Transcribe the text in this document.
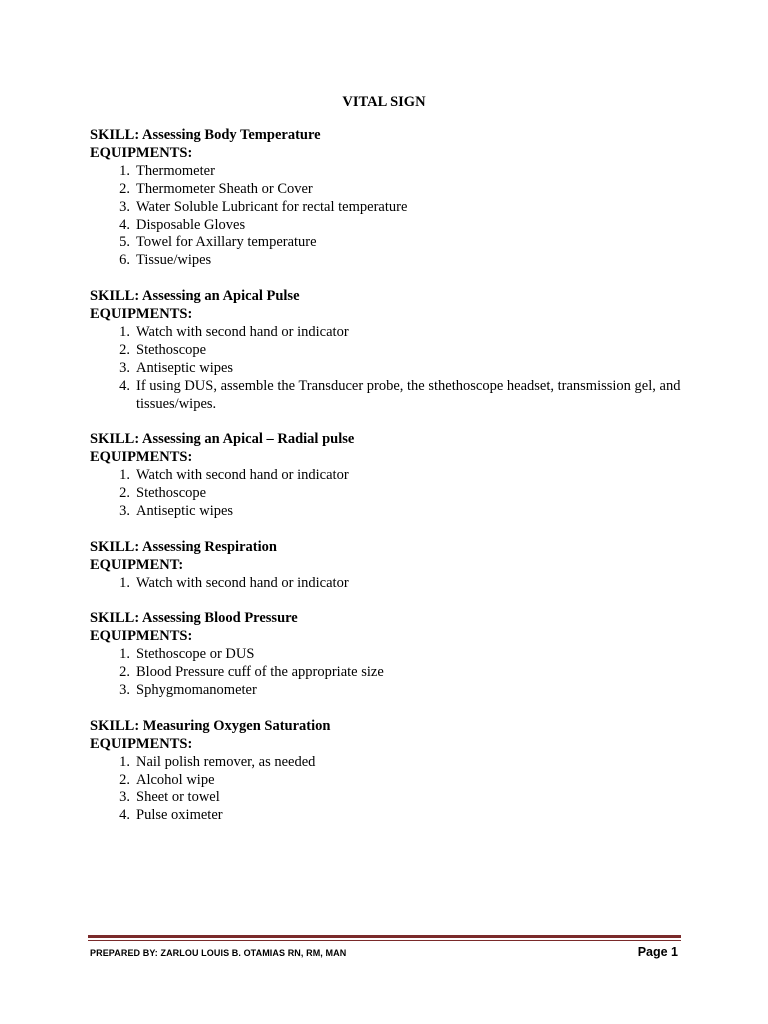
VITAL SIGN
SKILL: Assessing Body Temperature
EQUIPMENTS:
1. Thermometer
2. Thermometer Sheath or Cover
3. Water Soluble Lubricant for rectal temperature
4. Disposable Gloves
5. Towel for Axillary temperature
6. Tissue/wipes
SKILL: Assessing an Apical Pulse
EQUIPMENTS:
1. Watch with second hand or indicator
2. Stethoscope
3. Antiseptic wipes
4. If using DUS, assemble the Transducer probe, the sthethoscope headset, transmission gel, and tissues/wipes.
SKILL: Assessing an Apical – Radial pulse
EQUIPMENTS:
1. Watch with second hand or indicator
2. Stethoscope
3. Antiseptic wipes
SKILL: Assessing Respiration
EQUIPMENT:
1. Watch with second hand or indicator
SKILL: Assessing Blood Pressure
EQUIPMENTS:
1. Stethoscope or DUS
2. Blood Pressure cuff of the appropriate size
3. Sphygmomanometer
SKILL: Measuring Oxygen Saturation
EQUIPMENTS:
1. Nail polish remover, as needed
2. Alcohol wipe
3. Sheet or towel
4. Pulse oximeter
PREPARED BY: ZARLOU LOUIS B. OTAMIAS RN, RM, MAN	Page 1
